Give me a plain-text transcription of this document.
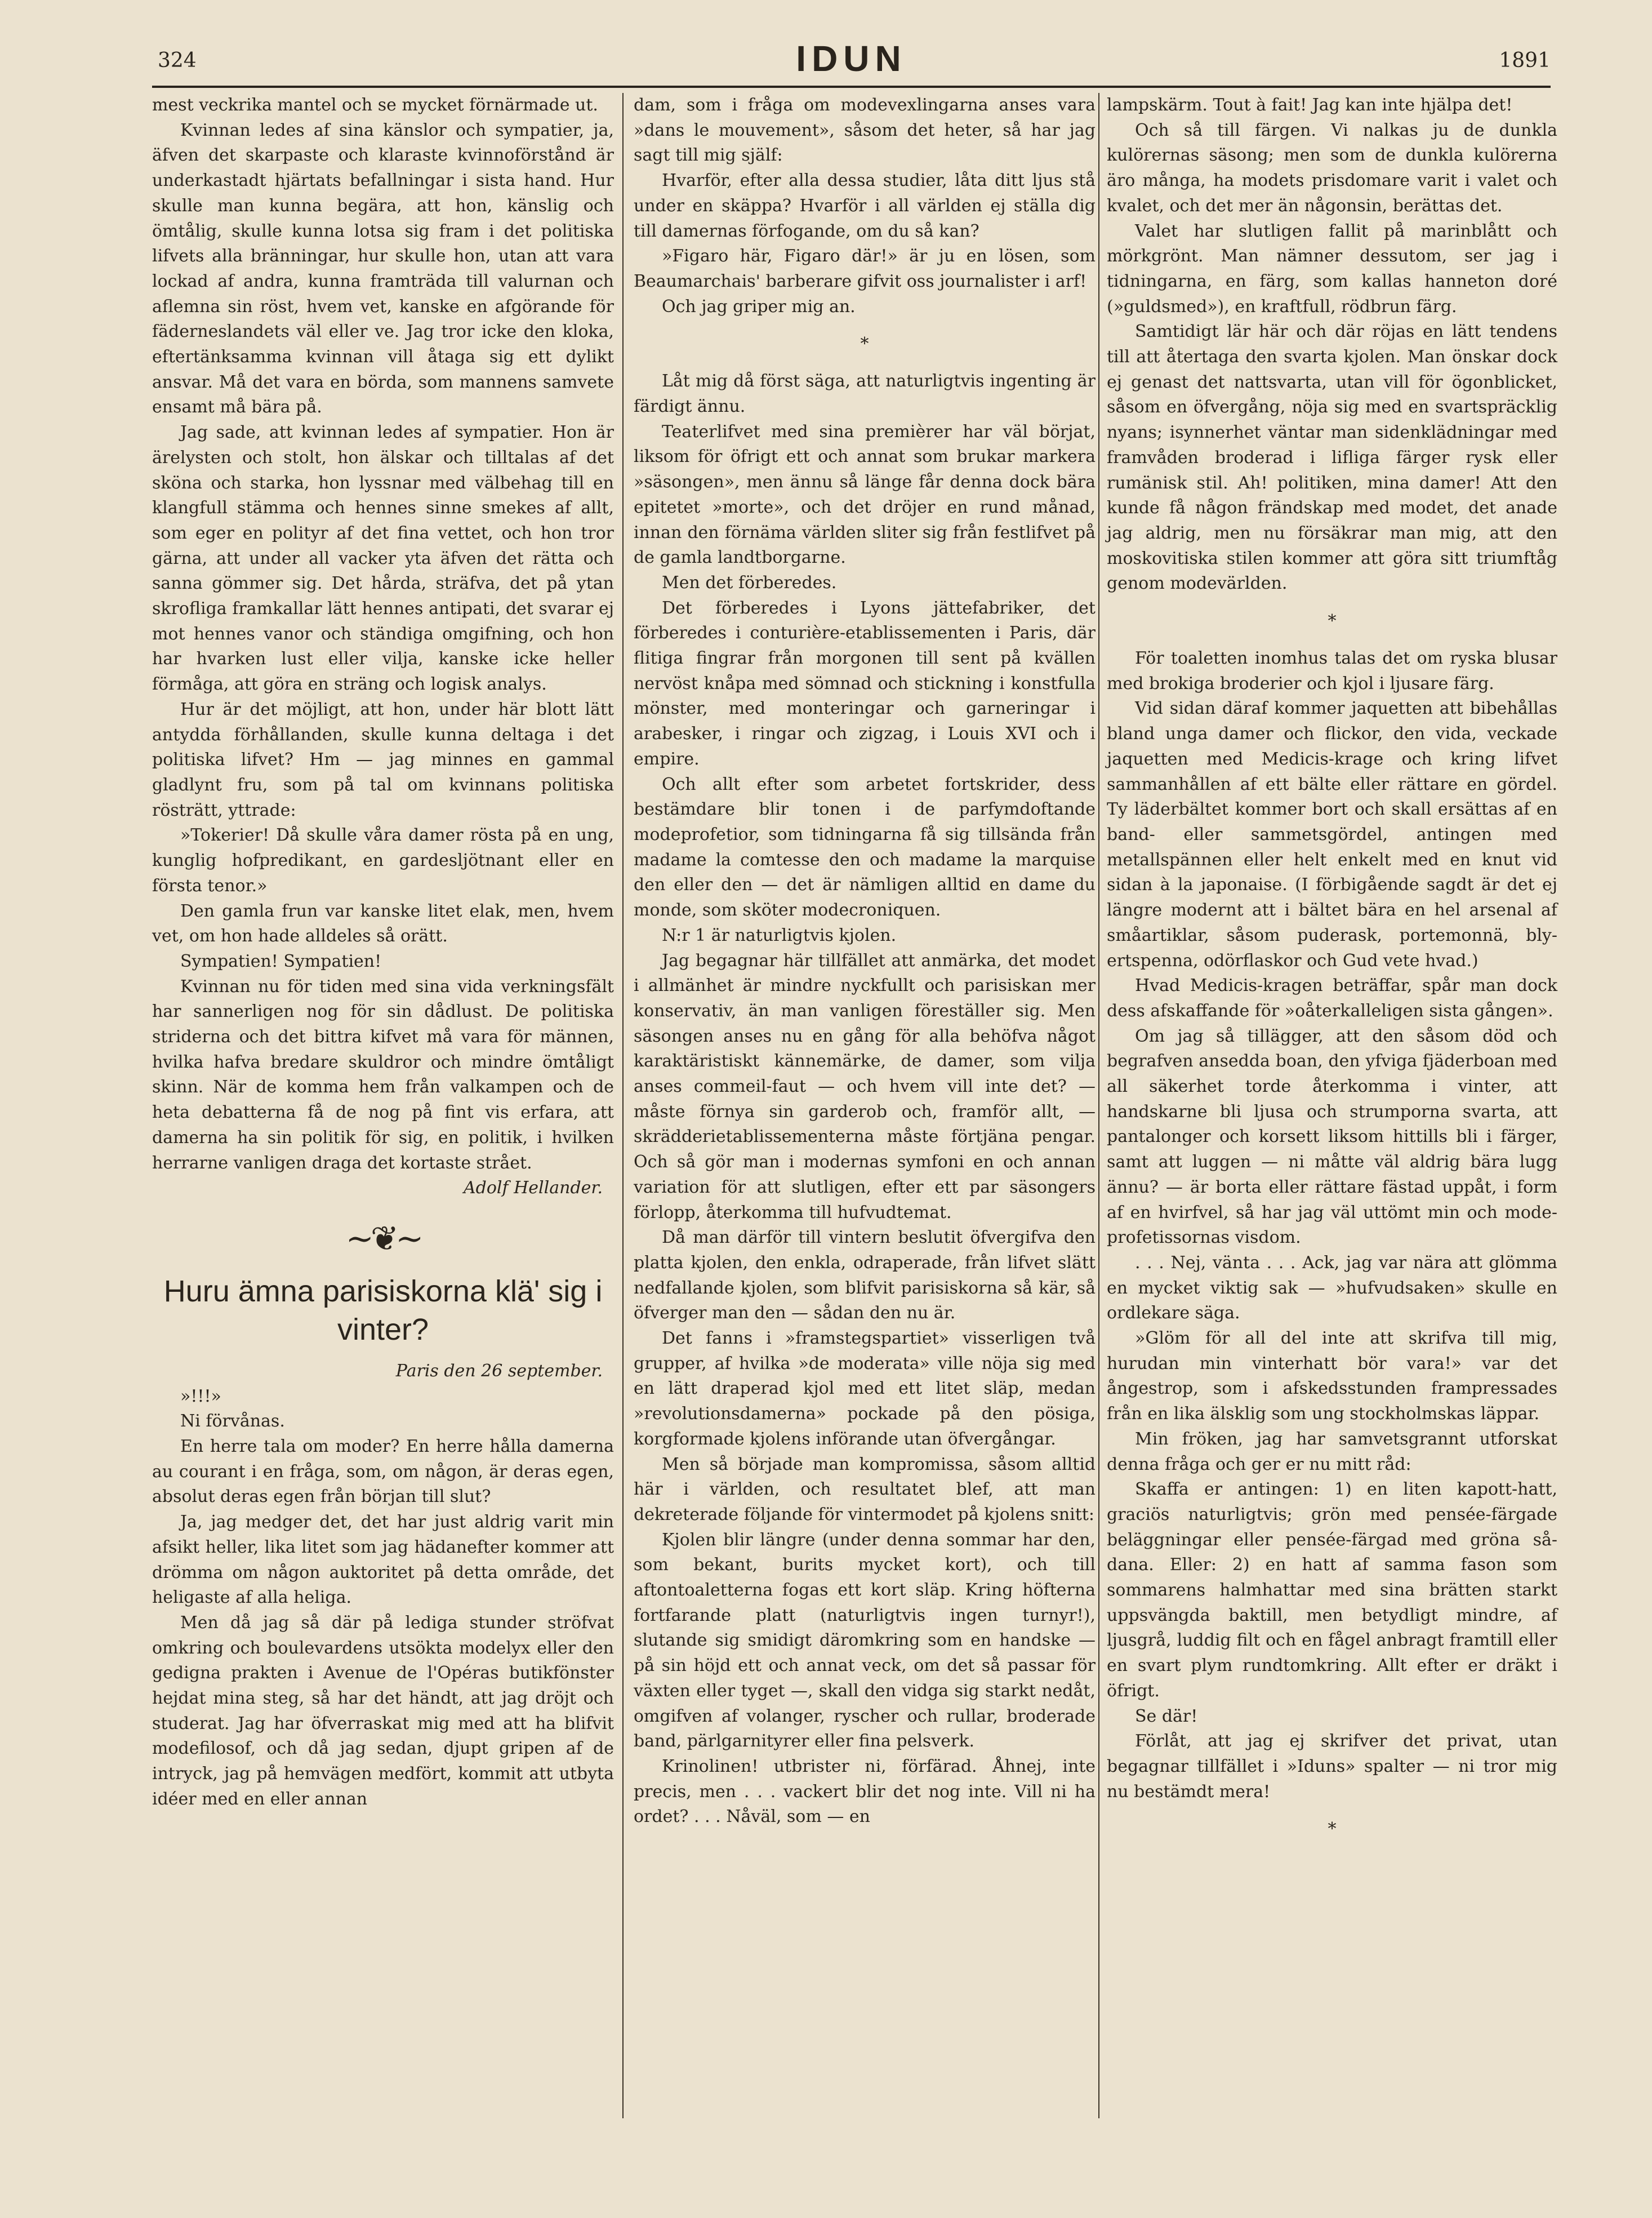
324	IDUN	1891

mest veckrika mantel och se mycket förnärmade ut.

Kvinnan ledes af sina känslor och sympatier, ja, äfven det skarpaste och klaraste kvinnoförstånd är underkastadt hjärtats befallningar i sista hand. Hur skulle man kunna begära, att hon, känslig och ömtålig, skulle kunna lotsa sig fram i det politiska lifvets alla bränningar, hur skulle hon, utan att vara lockad af andra, kunna framträda till valurnan och aflemna sin röst, hvem vet, kanske en afgörande för fäderneslandets väl eller ve. Jag tror icke den kloka, eftertänksamma kvinnan vill åtaga sig ett dylikt ansvar. Må det vara en börda, som mannens samvete ensamt må bära på.

Jag sade, att kvinnan ledes af sympatier. Hon är ärelysten och stolt, hon älskar och tilltalas af det sköna och starka, hon lyssnar med välbehag till en klangfull stämma och hennes sinne smekes af allt, som eger en polityr af det fina vettet, och hon tror gärna, att under all vacker yta äfven det rätta och sanna gömmer sig. Det hårda, sträfva, det på ytan skrofliga framkallar lätt hennes antipati, det svarar ej mot hennes vanor och ständiga omgifning, och hon har hvarken lust eller vilja, kanske icke heller förmåga, att göra en sträng och logisk analys.

Hur är det möjligt, att hon, under här blott lätt antydda förhållanden, skulle kunna deltaga i det politiska lifvet? Hm — jag minnes en gammal gladlynt fru, som på tal om kvinnans politiska rösträtt, yttrade:

»Tokerier! Då skulle våra damer rösta på en ung, kunglig hofpredikant, en gardesljötnant eller en första tenor.»

Den gamla frun var kanske litet elak, men, hvem vet, om hon hade alldeles så orätt.

Sympatien! Sympatien!

Kvinnan nu för tiden med sina vida verkningsfält har sannerligen nog för sin dådlust. De politiska striderna och det bittra kifvet må vara för männen, hvilka hafva bredare skuldror och mindre ömtåligt skinn. När de komma hem från valkampen och de heta debatterna få de nog på fint vis erfara, att damerna ha sin politik för sig, en politik, i hvilken herrarne vanligen draga det kortaste strået.

Adolf Hellander.

~❦~
Huru ämna parisiskorna klä' sig i vinter?

Paris den 26 september.

»!!!»

Ni förvånas.

En herre tala om moder? En herre hålla damerna au courant i en fråga, som, om någon, är deras egen, absolut deras egen från början till slut?

Ja, jag medger det, det har just aldrig varit min afsikt heller, lika litet som jag hädanefter kommer att drömma om någon auktoritet på detta område, det heligaste af alla heliga.

Men då jag så där på lediga stunder ströfvat omkring och boulevardens utsökta modelyx eller den gedigna prakten i Avenue de l'Opéras butikfönster hejdat mina steg, så har det händt, att jag dröjt och studerat. Jag har öfverraskat mig med att ha blifvit modefilosof, och då jag sedan, djupt gripen af de intryck, jag på hemvägen medfört, kommit att utbyta idéer med en eller annan

dam, som i fråga om modevexlingarna anses vara »dans le mouvement», såsom det heter, så har jag sagt till mig själf:

Hvarför, efter alla dessa studier, låta ditt ljus stå under en skäppa? Hvarför i all världen ej ställa dig till damernas förfogande, om du så kan?

»Figaro här, Figaro där!» är ju en lösen, som Beaumarchais' barberare gifvit oss journalister i arf!

Och jag griper mig an.

*

Låt mig då först säga, att naturligtvis ingenting är färdigt ännu.

Teaterlifvet med sina premièrer har väl börjat, liksom för öfrigt ett och annat som brukar markera »säsongen», men ännu så länge får denna dock bära epitetet »morte», och det dröjer en rund månad, innan den förnäma världen sliter sig från festlifvet på de gamla landtborgarne.

Men det förberedes.

Det förberedes i Lyons jättefabriker, det förberedes i conturière-etablissementen i Paris, där flitiga fingrar från morgonen till sent på kvällen nervöst knåpa med sömnad och stickning i konstfulla mönster, med monteringar och garneringar i arabesker, i ringar och zigzag, i Louis XVI och i empire.

Och allt efter som arbetet fortskrider, dess bestämdare blir tonen i de parfymdoftande modeprofetior, som tidningarna få sig tillsända från madame la comtesse den och madame la marquise den eller den — det är nämligen alltid en dame du monde, som sköter modecroniquen.

N:r 1 är naturligtvis kjolen.

Jag begagnar här tillfället att anmärka, det modet i allmänhet är mindre nyckfullt och parisiskan mer konservativ, än man vanligen föreställer sig. Men säsongen anses nu en gång för alla behöfva något karaktäristiskt kännemärke, de damer, som vilja anses commeil-faut — och hvem vill inte det? — måste förnya sin garderob och, framför allt, — skrädderietablissementerna måste förtjäna pengar. Och så gör man i modernas symfoni en och annan variation för att slutligen, efter ett par säsongers förlopp, återkomma till hufvudtemat.

Då man därför till vintern beslutit öfvergifva den platta kjolen, den enkla, odraperade, från lifvet slätt nedfallande kjolen, som blifvit parisiskorna så kär, så öfverger man den — sådan den nu är.

Det fanns i »framstegspartiet» visserligen två grupper, af hvilka »de moderata» ville nöja sig med en lätt draperad kjol med ett litet släp, medan »revolutionsdamerna» pockade på den pösiga, korgformade kjolens införande utan öfvergångar.

Men så började man kompromissa, såsom alltid här i världen, och resultatet blef, att man dekreterade följande för vintermodet på kjolens snitt:

Kjolen blir längre (under denna sommar har den, som bekant, burits mycket kort), och till aftontoaletterna fogas ett kort släp. Kring höfterna fortfarande platt (naturligtvis ingen turnyr!), slutande sig smidigt däromkring som en handske — på sin höjd ett och annat veck, om det så passar för växten eller tyget —, skall den vidga sig starkt nedåt, omgifven af volanger, ryscher och rullar, broderade band, pärlgarnityrer eller fina pelsverk.

Krinolinen! utbrister ni, förfärad. Åhnej, inte precis, men . . . vackert blir det nog inte. Vill ni ha ordet? . . . Nåväl, som — en

lampskärm. Tout à fait! Jag kan inte hjälpa det!

Och så till färgen. Vi nalkas ju de dunkla kulörernas säsong; men som de dunkla kulörerna äro många, ha modets prisdomare varit i valet och kvalet, och det mer än någonsin, berättas det.

Valet har slutligen fallit på marinblått och mörkgrönt. Man nämner dessutom, ser jag i tidningarna, en färg, som kallas hanneton doré (»guldsmed»), en kraftfull, rödbrun färg.

Samtidigt lär här och där röjas en lätt tendens till att återtaga den svarta kjolen. Man önskar dock ej genast det nattsvarta, utan vill för ögonblicket, såsom en öfvergång, nöja sig med en svartspräcklig nyans; isynnerhet väntar man sidenklädningar med framvåden broderad i lifliga färger rysk eller rumänisk stil. Ah! politiken, mina damer! Att den kunde få någon frändskap med modet, det anade jag aldrig, men nu försäkrar man mig, att den moskovitiska stilen kommer att göra sitt triumftåg genom modevärlden.

*

För toaletten inomhus talas det om ryska blusar med brokiga broderier och kjol i ljusare färg.

Vid sidan däraf kommer jaquetten att bibehållas bland unga damer och flickor, den vida, veckade jaquetten med Medicis-krage och kring lifvet sammanhållen af ett bälte eller rättare en gördel. Ty läderbältet kommer bort och skall ersättas af en band- eller sammetsgördel, antingen med metallspännen eller helt enkelt med en knut vid sidan à la japonaise. (I förbigående sagdt är det ej längre modernt att i bältet bära en hel arsenal af småartiklar, såsom puderask, portemonnä, blyertspenna, odörflaskor och Gud vete hvad.)

Hvad Medicis-kragen beträffar, spår man dock dess afskaffande för »oåterkalleligen sista gången».

Om jag så tillägger, att den såsom död och begrafven ansedda boan, den yfviga fjäderboan med all säkerhet torde återkomma i vinter, att handskarne bli ljusa och strumporna svarta, att pantalonger och korsett liksom hittills bli i färger, samt att luggen — ni måtte väl aldrig bära lugg ännu? — är borta eller rättare fästad uppåt, i form af en hvirfvel, så har jag väl uttömt min och mode-profetissornas visdom.

. . . Nej, vänta . . . Ack, jag var nära att glömma en mycket viktig sak — »hufvudsaken» skulle en ordlekare säga.

»Glöm för all del inte att skrifva till mig, hurudan min vinterhatt bör vara!» var det ångestrop, som i afskedsstunden frampressades från en lika älsklig som ung stockholmskas läppar.

Min fröken, jag har samvetsgrannt utforskat denna fråga och ger er nu mitt råd:

Skaffa er antingen: 1) en liten kapott-hatt, graciös naturligtvis; grön med pensée-färgade beläggningar eller pensée-färgad med gröna sådana. Eller: 2) en hatt af samma fason som sommarens halmhattar med sina brätten starkt uppsvängda baktill, men betydligt mindre, af ljusgrå, luddig filt och en fågel anbragt framtill eller en svart plym rundtomkring. Allt efter er dräkt i öfrigt.

Se där!

Förlåt, att jag ej skrifver det privat, utan begagnar tillfället i »Iduns» spalter — ni tror mig nu bestämdt mera!

*
